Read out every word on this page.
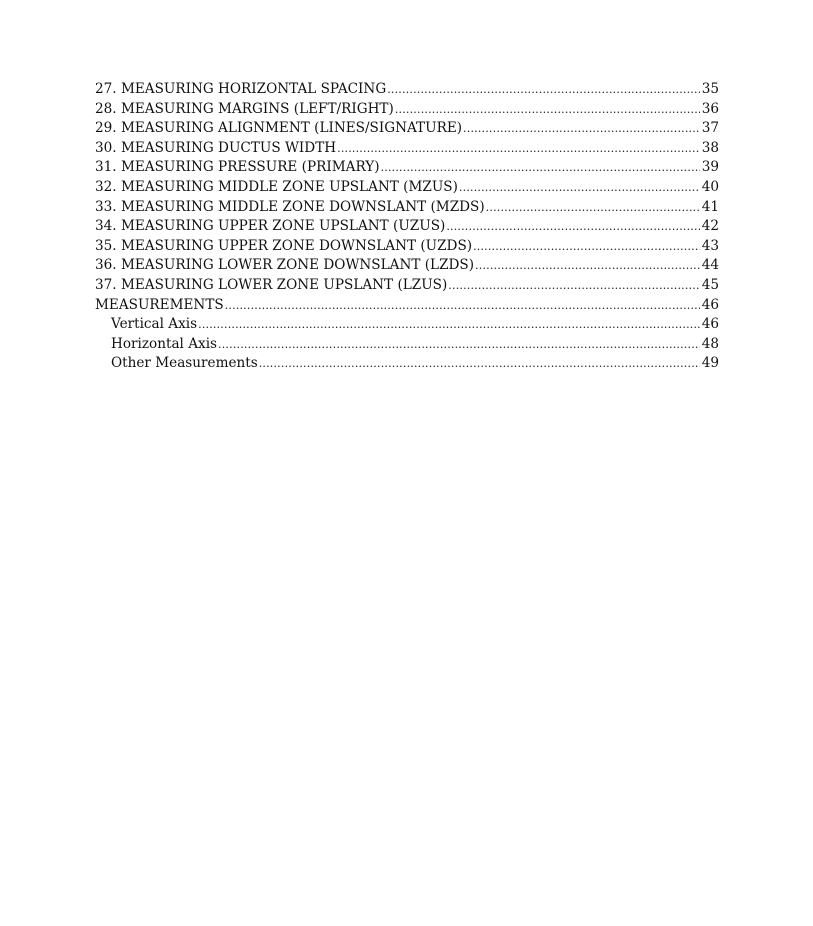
27. MEASURING HORIZONTAL SPACING .....	35
28. MEASURING MARGINS (LEFT/RIGHT) .....	36
29. MEASURING ALIGNMENT (LINES/SIGNATURE) .....	37
30. MEASURING DUCTUS WIDTH .....	38
31. MEASURING PRESSURE (PRIMARY) .....	39
32. MEASURING MIDDLE ZONE UPSLANT (MZUS) .....	40
33. MEASURING MIDDLE ZONE DOWNSLANT (MZDS) .....	41
34. MEASURING UPPER ZONE UPSLANT (UZUS) .....	42
35. MEASURING UPPER ZONE DOWNSLANT (UZDS) .....	43
36. MEASURING LOWER ZONE DOWNSLANT (LZDS) .....	44
37. MEASURING LOWER ZONE UPSLANT (LZUS) .....	45
MEASUREMENTS .....	46
Vertical Axis .....	46
Horizontal Axis .....	48
Other Measurements .....	49
